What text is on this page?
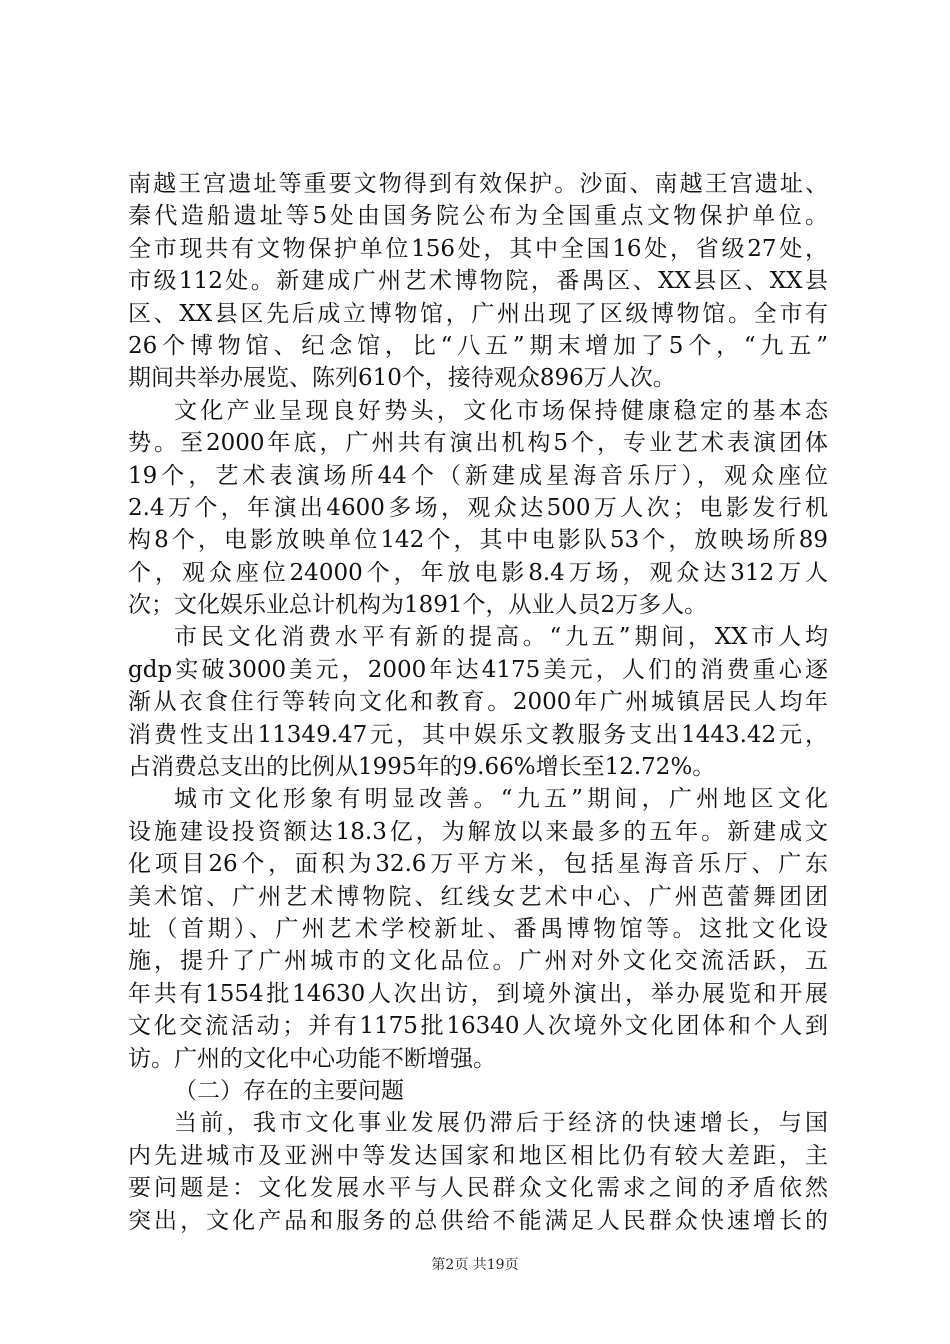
南越王宫遗址等重要文物得到有效保护。沙面、南越王宫遗址、
秦代造船遗址等5处由国务院公布为全国重点文物保护单位。
全市现共有文物保护单位156处，其中全国16处，省级27处，
市级112处。新建成广州艺术博物院，番禺区、XX县区、XX县
区、XX县区先后成立博物馆，广州出现了区级博物馆。全市有
26个博物馆、纪念馆，比“八五”期末增加了5个，“九五”
期间共举办展览、陈列610个，接待观众896万人次。
文化产业呈现良好势头，文化市场保持健康稳定的基本态
势。至2000年底，广州共有演出机构5个，专业艺术表演团体
19个，艺术表演场所44个（新建成星海音乐厅），观众座位
2.4万个，年演出4600多场，观众达500万人次；电影发行机
构8个，电影放映单位142个，其中电影队53个，放映场所89
个，观众座位24000个，年放电影8.4万场，观众达312万人
次；文化娱乐业总计机构为1891个，从业人员2万多人。
市民文化消费水平有新的提高。“九五”期间，XX市人均
gdp实破3000美元，2000年达4175美元，人们的消费重心逐
渐从衣食住行等转向文化和教育。2000年广州城镇居民人均年
消费性支出11349.47元，其中娱乐文教服务支出1443.42元，
占消费总支出的比例从1995年的9.66%增长至12.72%。
城市文化形象有明显改善。“九五”期间，广州地区文化
设施建设投资额达18.3亿，为解放以来最多的五年。新建成文
化项目26个，面积为32.6万平方米，包括星海音乐厅、广东
美术馆、广州艺术博物院、红线女艺术中心、广州芭蕾舞团团
址（首期）、广州艺术学校新址、番禺博物馆等。这批文化设
施，提升了广州城市的文化品位。广州对外文化交流活跃，五
年共有1554批14630人次出访，到境外演出，举办展览和开展
文化交流活动；并有1175批16340人次境外文化团体和个人到
访。广州的文化中心功能不断增强。
（二）存在的主要问题
当前，我市文化事业发展仍滞后于经济的快速增长，与国
内先进城市及亚洲中等发达国家和地区相比仍有较大差距，主
要问题是：文化发展水平与人民群众文化需求之间的矛盾依然
突出，文化产品和服务的总供给不能满足人民群众快速增长的
第2页 共19页
